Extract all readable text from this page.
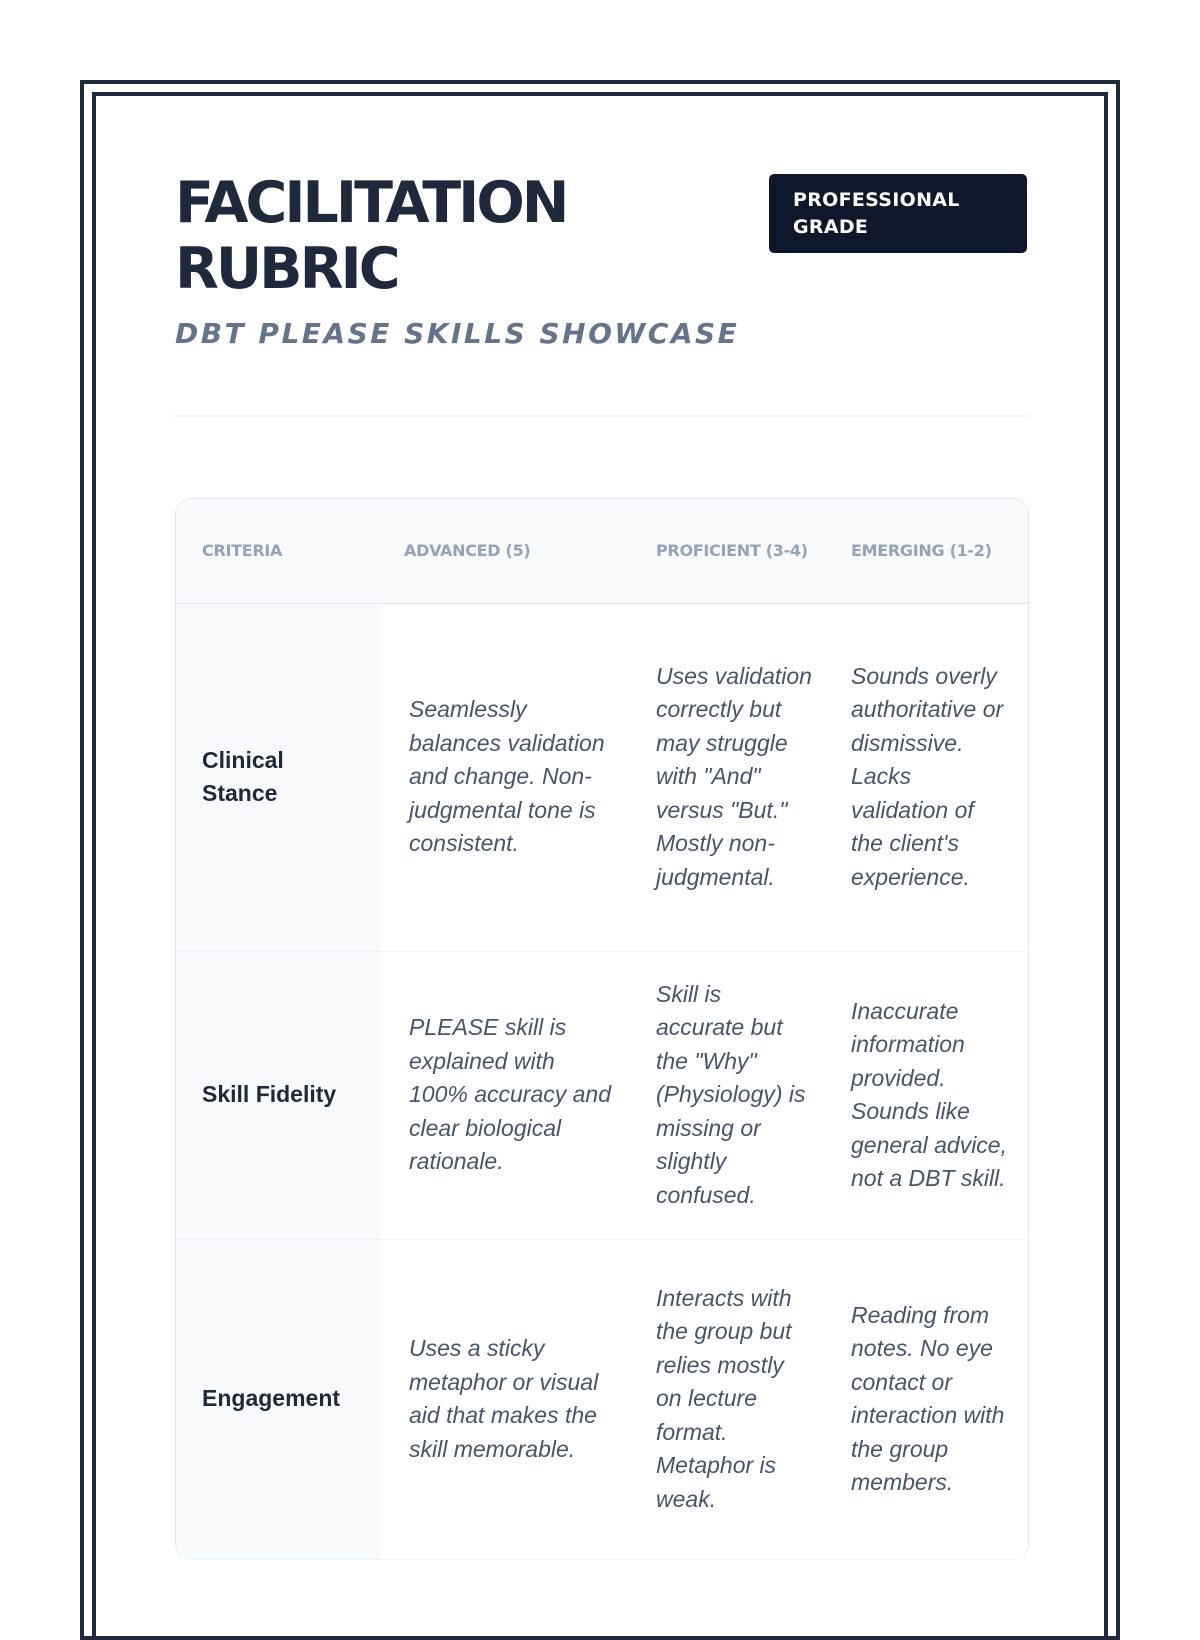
FACILITATION RUBRIC
PROFESSIONAL GRADE
DBT PLEASE SKILLS SHOWCASE
CRITERIA	ADVANCED (5)	PROFICIENT (3-4)	EMERGING (1-2)
Clinical Stance	Seamlessly balances validation and change. Non-judgmental tone is consistent.	Uses validation correctly but may struggle with "And" versus "But." Mostly non-judgmental.	Sounds overly authoritative or dismissive. Lacks validation of the client's experience.
Skill Fidelity	PLEASE skill is explained with 100% accuracy and clear biological rationale.	Skill is accurate but the "Why" (Physiology) is missing or slightly confused.	Inaccurate information provided. Sounds like general advice, not a DBT skill.
Engagement	Uses a sticky metaphor or visual aid that makes the skill memorable.	Interacts with the group but relies mostly on lecture format. Metaphor is weak.	Reading from notes. No eye contact or interaction with the group members.
